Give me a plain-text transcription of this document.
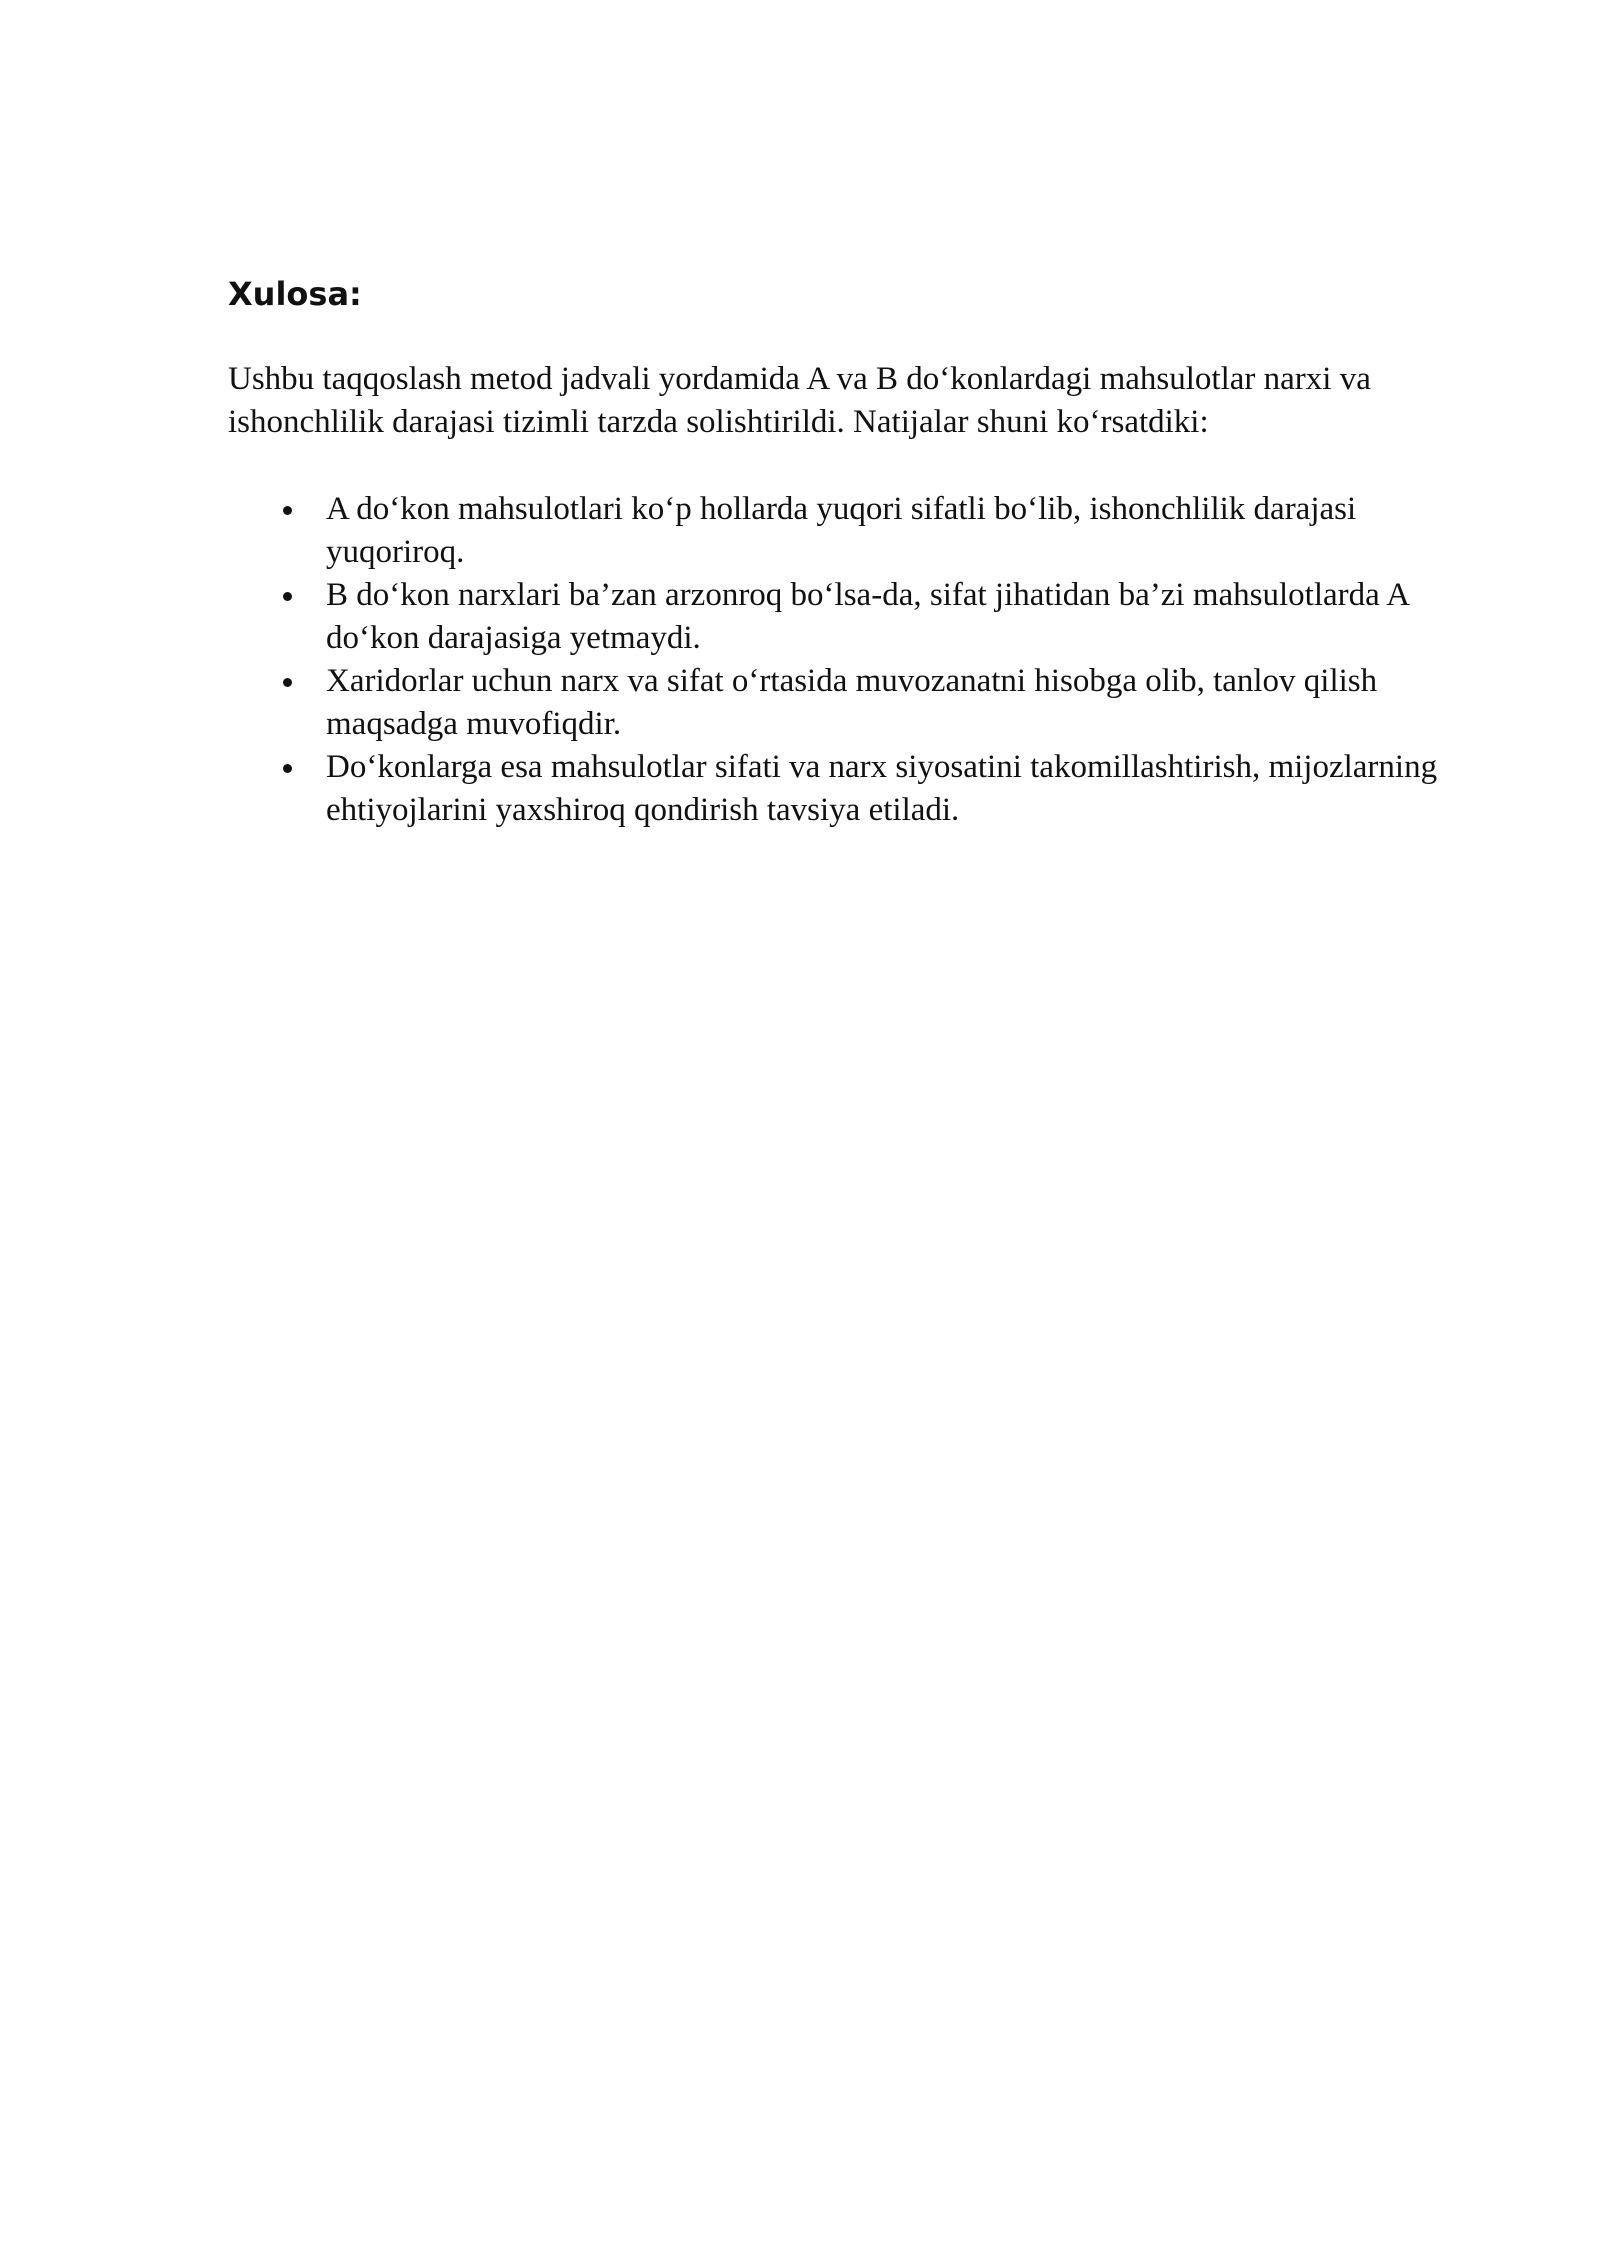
Xulosa:

Ushbu taqqoslash metod jadvali yordamida A va B do‘konlardagi mahsulotlar narxi va ishonchlilik darajasi tizimli tarzda solishtirildi. Natijalar shuni ko‘rsatdiki:

A do‘kon mahsulotlari ko‘p hollarda yuqori sifatli bo‘lib, ishonchlilik darajasi yuqoriroq.
B do‘kon narxlari ba’zan arzonroq bo‘lsa-da, sifat jihatidan ba’zi mahsulotlarda A do‘kon darajasiga yetmaydi.
Xaridorlar uchun narx va sifat o‘rtasida muvozanatni hisobga olib, tanlov qilish maqsadga muvofiqdir.
Do‘konlarga esa mahsulotlar sifati va narx siyosatini takomillashtirish, mijozlarning ehtiyojlarini yaxshiroq qondirish tavsiya etiladi.
